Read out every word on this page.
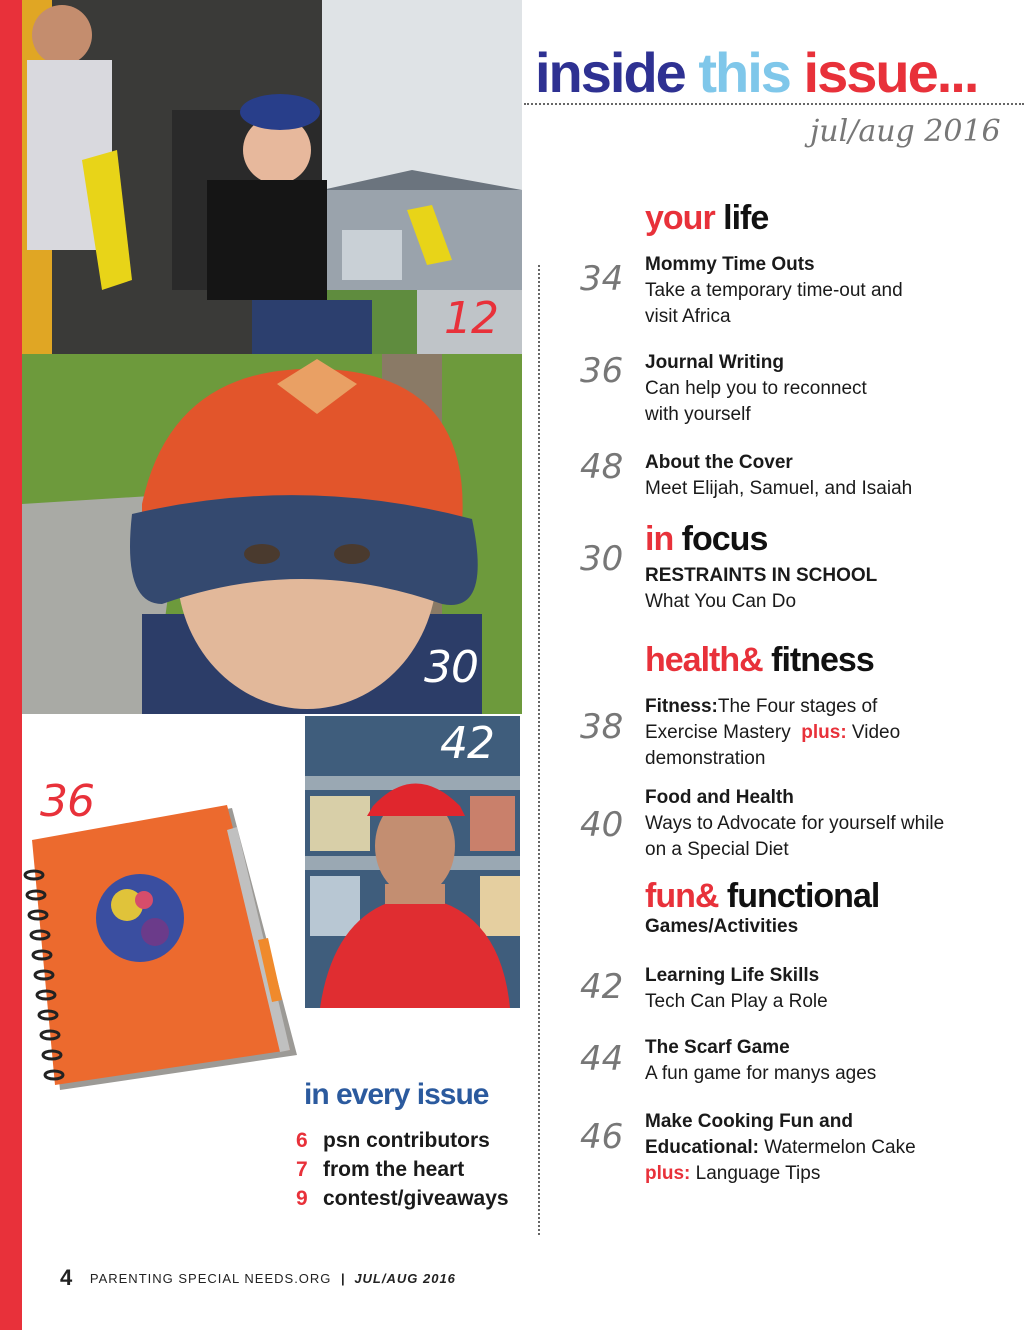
12
30
42
36
inside this issue...
jul/aug 2016
your life
34 Mommy Time Outs
Take a temporary time-out and
visit Africa
36 Journal Writing
Can help you to reconnect
with yourself
48 About the Cover
Meet Elijah, Samuel, and Isaiah
in focus
30 RESTRAINTS IN SCHOOL
What You Can Do
health& fitness
38
Fitness:The Four stages of
Exercise Mastery plus: Video
demonstration
40
Food and Health
Ways to Advocate for yourself while
on a Special Diet
fun& functional
Games/Activities
42 Learning Life Skills
Tech Can Play a Role
44 The Scarf Game
A fun game for manys ages
46 Make Cooking Fun and
Educational: Watermelon Cake
plus: Language Tips
in every issue
6 psn contributors
7 from the heart
9 contest/giveaways
4 PARENTING SPECIAL NEEDS.ORG | JUL/AUG 2016
